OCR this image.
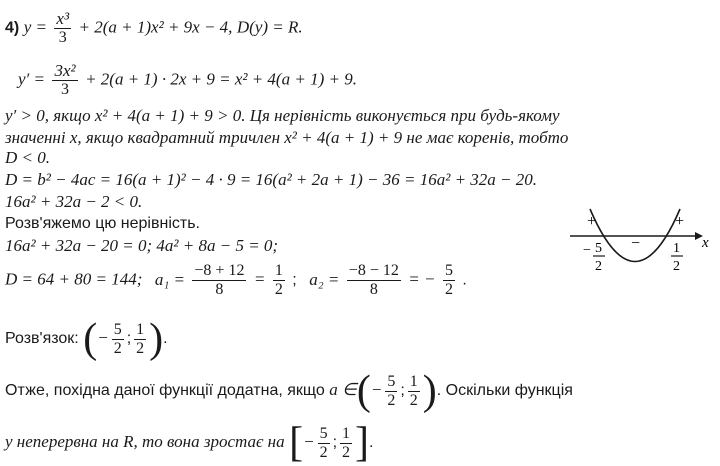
4) $y = \frac{\text{x³}}{3} + 2(a + 1)x^2 + 9x - 4$, D(y) = R.
$y' = \frac{\text{3x²}}{3} + 2(a + 1) \cdot 2x + 9 = x^2 + 4(a + 1) + 9$.
y′ > 0, якщо x² + 4(a + 1) + 9 > 0. Ця нерівність виконується при будь-якому
значенні x, якщо квадратний тричлен x² + 4(a + 1) + 9 не має коренів, тобто
D < 0.
D = b² − 4ac = 16(a + 1)² − 4 · 9 = 16(a² + 2a + 1) − 36 = 16a² + 32a − 20.
16a² + 32a − 2 < 0.
Розв'яжемо цю нерівність.
16a² + 32a − 20 = 0; 4a² + 8a − 5 = 0;
D = 64 + 80 = 144; $a_1 = \frac{-8 + 12}{8} = \frac{1}{2}$ ; $a_2 = \frac{-8 - 12}{8}$ = − $\frac{5}{2}$ .
Розв'язок: (− $\frac{5}{2}$ ; $\frac{1}{2}$ ).
Отже, похідна даної функції додатна, якщо a ∈(− $\frac{5}{2}$ ; $\frac{1}{2}$ ). Оскільки функція
y неперервна на R, то вона зростає на [− $\frac{5}{2}$ ; $\frac{1}{2}$ ].
+	+
−	x
− 5
2
1
2
